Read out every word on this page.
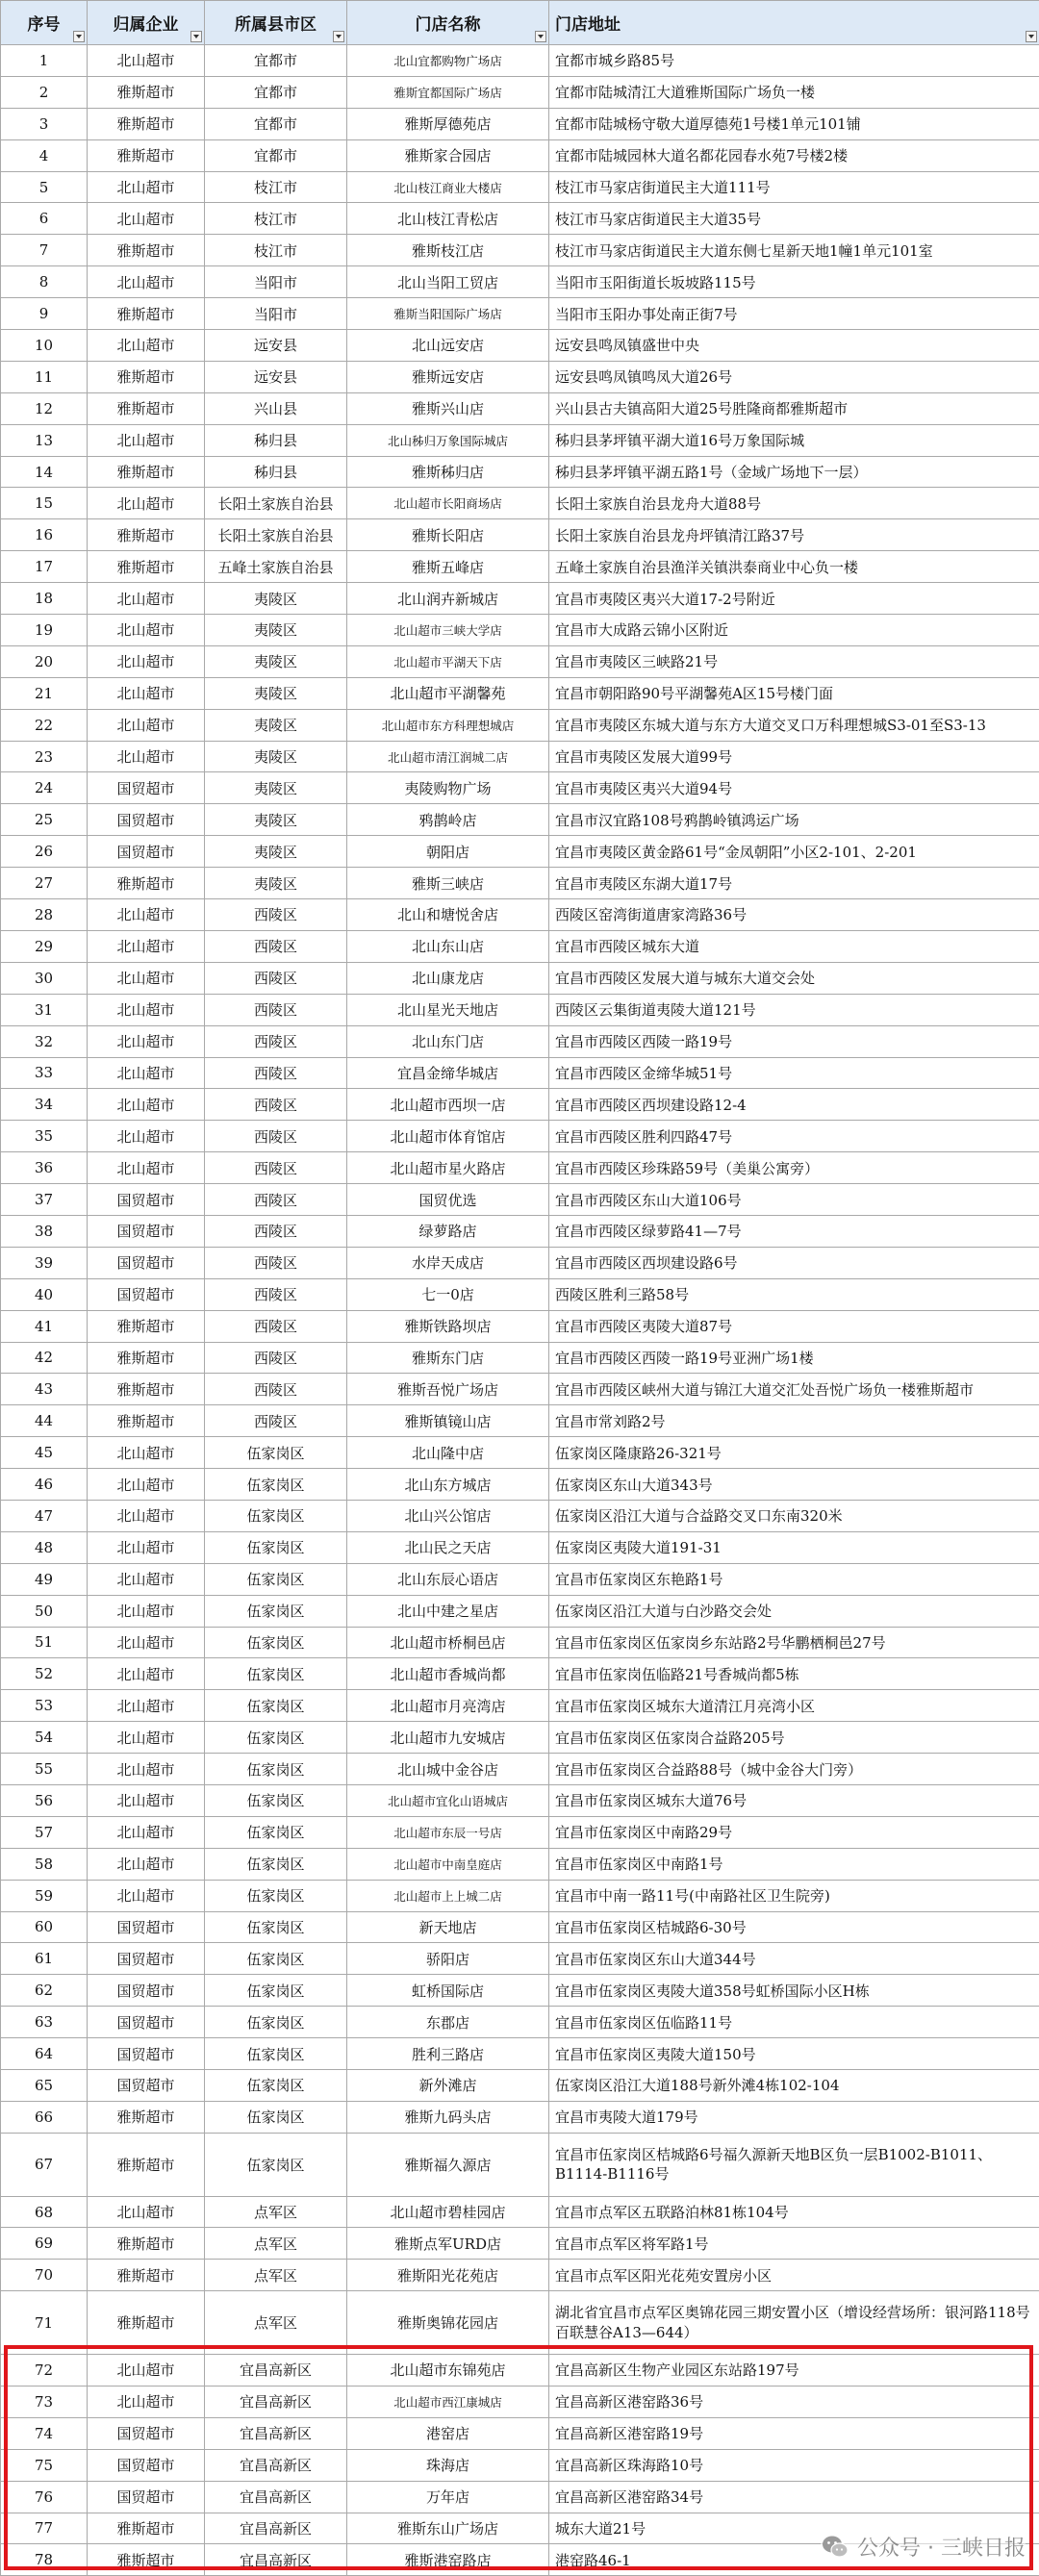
序号	归属企业	所属县市区	门店名称	门店地址

1	北山超市	宜都市	北山宜都购物广场店	宜都市城乡路85号
2	雅斯超市	宜都市	雅斯宜都国际广场店	宜都市陆城清江大道雅斯国际广场负一楼
3	雅斯超市	宜都市	雅斯厚德苑店	宜都市陆城杨守敬大道厚德苑1号楼1单元101铺
4	雅斯超市	宜都市	雅斯家合园店	宜都市陆城园林大道名都花园春水苑7号楼2楼
5	北山超市	枝江市	北山枝江商业大楼店	枝江市马家店街道民主大道111号
6	北山超市	枝江市	北山枝江青松店	枝江市马家店街道民主大道35号
7	雅斯超市	枝江市	雅斯枝江店	枝江市马家店街道民主大道东侧七星新天地1幢1单元101室
8	北山超市	当阳市	北山当阳工贸店	当阳市玉阳街道长坂坡路115号
9	雅斯超市	当阳市	雅斯当阳国际广场店	当阳市玉阳办事处南正街7号
10	北山超市	远安县	北山远安店	远安县鸣凤镇盛世中央
11	雅斯超市	远安县	雅斯远安店	远安县鸣凤镇鸣凤大道26号
12	雅斯超市	兴山县	雅斯兴山店	兴山县古夫镇高阳大道25号胜隆商都雅斯超市
13	北山超市	秭归县	北山秭归万象国际城店	秭归县茅坪镇平湖大道16号万象国际城
14	雅斯超市	秭归县	雅斯秭归店	秭归县茅坪镇平湖五路1号（金域广场地下一层）
15	北山超市	长阳土家族自治县	北山超市长阳商场店	长阳土家族自治县龙舟大道88号
16	雅斯超市	长阳土家族自治县	雅斯长阳店	长阳土家族自治县龙舟坪镇清江路37号
17	雅斯超市	五峰土家族自治县	雅斯五峰店	五峰土家族自治县渔洋关镇洪泰商业中心负一楼
18	北山超市	夷陵区	北山润卉新城店	宜昌市夷陵区夷兴大道17-2号附近
19	北山超市	夷陵区	北山超市三峡大学店	宜昌市大成路云锦小区附近
20	北山超市	夷陵区	北山超市平湖天下店	宜昌市夷陵区三峡路21号
21	北山超市	夷陵区	北山超市平湖馨苑	宜昌市朝阳路90号平湖馨苑A区15号楼门面
22	北山超市	夷陵区	北山超市东方科理想城店	宜昌市夷陵区东城大道与东方大道交叉口万科理想城S3-01至S3-13
23	北山超市	夷陵区	北山超市清江润城二店	宜昌市夷陵区发展大道99号
24	国贸超市	夷陵区	夷陵购物广场	宜昌市夷陵区夷兴大道94号
25	国贸超市	夷陵区	鸦鹊岭店	宜昌市汉宜路108号鸦鹊岭镇鸿运广场
26	国贸超市	夷陵区	朝阳店	宜昌市夷陵区黄金路61号“金凤朝阳”小区2-101、2-201
27	雅斯超市	夷陵区	雅斯三峡店	宜昌市夷陵区东湖大道17号
28	北山超市	西陵区	北山和塘悦舍店	西陵区窑湾街道唐家湾路36号
29	北山超市	西陵区	北山东山店	宜昌市西陵区城东大道
30	北山超市	西陵区	北山康龙店	宜昌市西陵区发展大道与城东大道交会处
31	北山超市	西陵区	北山星光天地店	西陵区云集街道夷陵大道121号
32	北山超市	西陵区	北山东门店	宜昌市西陵区西陵一路19号
33	北山超市	西陵区	宜昌金缔华城店	宜昌市西陵区金缔华城51号
34	北山超市	西陵区	北山超市西坝一店	宜昌市西陵区西坝建设路12-4
35	北山超市	西陵区	北山超市体育馆店	宜昌市西陵区胜利四路47号
36	北山超市	西陵区	北山超市星火路店	宜昌市西陵区珍珠路59号（美巢公寓旁）
37	国贸超市	西陵区	国贸优选	宜昌市西陵区东山大道106号
38	国贸超市	西陵区	绿萝路店	宜昌市西陵区绿萝路41—7号
39	国贸超市	西陵区	水岸天成店	宜昌市西陵区西坝建设路6号
40	国贸超市	西陵区	七一0店	西陵区胜利三路58号
41	雅斯超市	西陵区	雅斯铁路坝店	宜昌市西陵区夷陵大道87号
42	雅斯超市	西陵区	雅斯东门店	宜昌市西陵区西陵一路19号亚洲广场1楼
43	雅斯超市	西陵区	雅斯吾悦广场店	宜昌市西陵区峡州大道与锦江大道交汇处吾悦广场负一楼雅斯超市
44	雅斯超市	西陵区	雅斯镇镜山店	宜昌市常刘路2号
45	北山超市	伍家岗区	北山隆中店	伍家岗区隆康路26-321号
46	北山超市	伍家岗区	北山东方城店	伍家岗区东山大道343号
47	北山超市	伍家岗区	北山兴公馆店	伍家岗区沿江大道与合益路交叉口东南320米
48	北山超市	伍家岗区	北山民之天店	伍家岗区夷陵大道191-31
49	北山超市	伍家岗区	北山东辰心语店	宜昌市伍家岗区东艳路1号
50	北山超市	伍家岗区	北山中建之星店	伍家岗区沿江大道与白沙路交会处
51	北山超市	伍家岗区	北山超市桥桐邑店	宜昌市伍家岗区伍家岗乡东站路2号华鹏栖桐邑27号
52	北山超市	伍家岗区	北山超市香城尚都	宜昌市伍家岗伍临路21号香城尚都5栋
53	北山超市	伍家岗区	北山超市月亮湾店	宜昌市伍家岗区城东大道清江月亮湾小区
54	北山超市	伍家岗区	北山超市九安城店	宜昌市伍家岗区伍家岗合益路205号
55	北山超市	伍家岗区	北山城中金谷店	宜昌市伍家岗区合益路88号（城中金谷大门旁）
56	北山超市	伍家岗区	北山超市宜化山语城店	宜昌市伍家岗区城东大道76号
57	北山超市	伍家岗区	北山超市东辰一号店	宜昌市伍家岗区中南路29号
58	北山超市	伍家岗区	北山超市中南皇庭店	宜昌市伍家岗区中南路1号
59	北山超市	伍家岗区	北山超市上上城二店	宜昌市中南一路11号(中南路社区卫生院旁)
60	国贸超市	伍家岗区	新天地店	宜昌市伍家岗区桔城路6-30号
61	国贸超市	伍家岗区	骄阳店	宜昌市伍家岗区东山大道344号
62	国贸超市	伍家岗区	虹桥国际店	宜昌市伍家岗区夷陵大道358号虹桥国际小区H栋
63	国贸超市	伍家岗区	东郡店	宜昌市伍家岗区伍临路11号
64	国贸超市	伍家岗区	胜利三路店	宜昌市伍家岗区夷陵大道150号
65	国贸超市	伍家岗区	新外滩店	伍家岗区沿江大道188号新外滩4栋102-104
66	雅斯超市	伍家岗区	雅斯九码头店	宜昌市夷陵大道179号
67	雅斯超市	伍家岗区	雅斯福久源店	宜昌市伍家岗区桔城路6号福久源新天地B区负一层B1002-B1011、B1114-B1116号
68	北山超市	点军区	北山超市碧桂园店	宜昌市点军区五联路泊林81栋104号
69	雅斯超市	点军区	雅斯点军URD店	宜昌市点军区将军路1号
70	雅斯超市	点军区	雅斯阳光花苑店	宜昌市点军区阳光花苑安置房小区
71	雅斯超市	点军区	雅斯奥锦花园店	湖北省宜昌市点军区奥锦花园三期安置小区（增设经营场所：银河路118号百联慧谷A13—644）
72	北山超市	宜昌高新区	北山超市东锦苑店	宜昌高新区生物产业园区东站路197号
73	北山超市	宜昌高新区	北山超市西江康城店	宜昌高新区港窑路36号
74	国贸超市	宜昌高新区	港窑店	宜昌高新区港窑路19号
75	国贸超市	宜昌高新区	珠海店	宜昌高新区珠海路10号
76	国贸超市	宜昌高新区	万年店	宜昌高新区港窑路34号
77	雅斯超市	宜昌高新区	雅斯东山广场店	城东大道21号
78	雅斯超市	宜昌高新区	雅斯港窑路店	港窑路46-1	公众号 · 三峡日报
